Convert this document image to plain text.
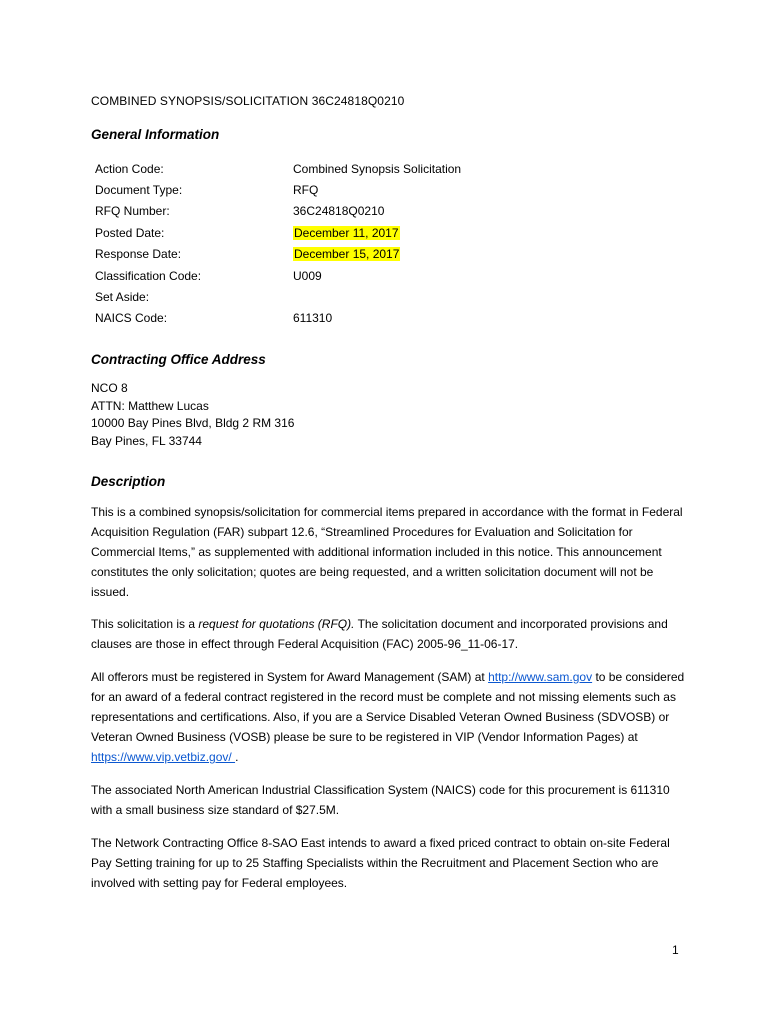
COMBINED SYNOPSIS/SOLICITATION 36C24818Q0210
General Information
Action Code:	Combined Synopsis Solicitation
Document Type:	RFQ
RFQ Number:	36C24818Q0210
Posted Date:	December 11, 2017
Response Date:	December 15, 2017
Classification Code:	U009
Set Aside:
NAICS Code:	611310
Contracting Office Address
NCO 8
ATTN: Matthew Lucas
10000 Bay Pines Blvd, Bldg 2 RM 316
Bay Pines, FL 33744
Description
This is a combined synopsis/solicitation for commercial items prepared in accordance with the format in Federal Acquisition Regulation (FAR) subpart 12.6, “Streamlined Procedures for Evaluation and Solicitation for Commercial Items,” as supplemented with additional information included in this notice. This announcement constitutes the only solicitation; quotes are being requested, and a written solicitation document will not be issued.
This solicitation is a request for quotations (RFQ). The solicitation document and incorporated provisions and clauses are those in effect through Federal Acquisition (FAC) 2005-96_11-06-17.
All offerors must be registered in System for Award Management (SAM) at http://www.sam.gov to be considered for an award of a federal contract registered in the record must be complete and not missing elements such as representations and certifications. Also, if you are a Service Disabled Veteran Owned Business (SDVOSB) or Veteran Owned Business (VOSB) please be sure to be registered in VIP (Vendor Information Pages) at https://www.vip.vetbiz.gov/ .
The associated North American Industrial Classification System (NAICS) code for this procurement is 611310 with a small business size standard of $27.5M.
The Network Contracting Office 8-SAO East intends to award a fixed priced contract to obtain on-site Federal Pay Setting training for up to 25 Staffing Specialists within the Recruitment and Placement Section who are involved with setting pay for Federal employees.
1
